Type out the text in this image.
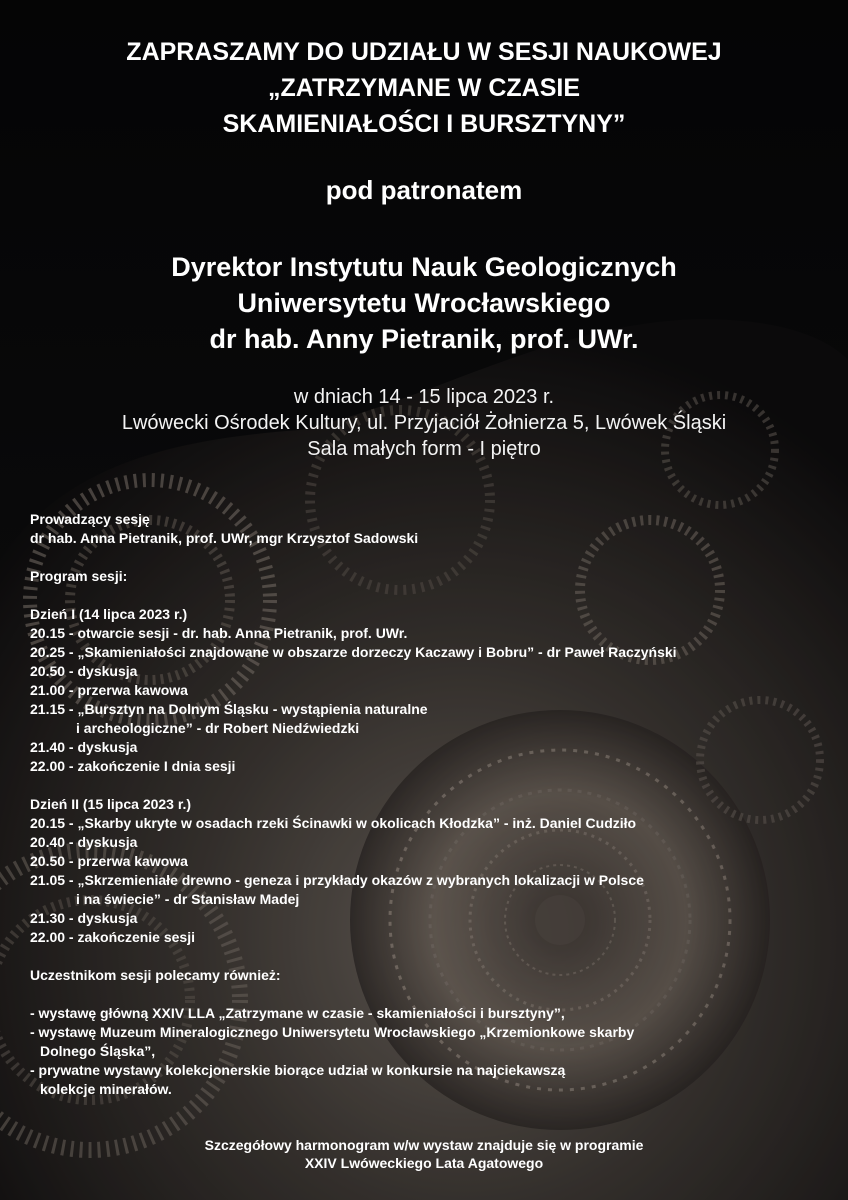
ZAPRASZAMY DO UDZIAŁU W SESJI NAUKOWEJ
„ZATRZYMANE W CZASIE
SKAMIENIAŁOŚCI I BURSZTYNY”
pod patronatem
Dyrektor Instytutu Nauk Geologicznych
Uniwersytetu Wrocławskiego
dr hab. Anny Pietranik, prof. UWr.
w dniach 14 - 15 lipca 2023 r.
Lwówecki Ośrodek Kultury, ul. Przyjaciół Żołnierza 5, Lwówek Śląski
Sala małych form - I piętro
Prowadzący sesję
dr hab. Anna Pietranik, prof. UWr, mgr Krzysztof Sadowski
Program sesji:
Dzień I (14 lipca 2023 r.)
20.15 - otwarcie sesji - dr. hab. Anna Pietranik, prof. UWr.
20.25 - „Skamieniałości znajdowane w obszarze dorzeczy Kaczawy i Bobru” - dr Paweł Raczyński
20.50 - dyskusja
21.00 - przerwa kawowa
21.15 - „Bursztyn na Dolnym Śląsku - wystąpienia naturalne
i archeologiczne” - dr Robert Niedźwiedzki
21.40 - dyskusja
22.00 - zakończenie I dnia sesji
Dzień II (15 lipca 2023 r.)
20.15 - „Skarby ukryte w osadach rzeki Ścinawki w okolicach Kłodzka” - inż. Daniel Cudziło
20.40 - dyskusja
20.50 - przerwa kawowa
21.05 - „Skrzemieniałe drewno - geneza i przykłady okazów z wybranych lokalizacji w Polsce
i na świecie” - dr Stanisław Madej
21.30 - dyskusja
22.00 - zakończenie sesji
Uczestnikom sesji polecamy również:
- wystawę główną XXIV LLA „Zatrzymane w czasie - skamieniałości i bursztyny”,
- wystawę Muzeum Mineralogicznego Uniwersytetu Wrocławskiego „Krzemionkowe skarby
Dolnego Śląska”,
- prywatne wystawy kolekcjonerskie biorące udział w konkursie na najciekawszą
kolekcje minerałów.
Szczegółowy harmonogram w/w wystaw znajduje się w programie
XXIV Lwóweckiego Lata Agatowego
